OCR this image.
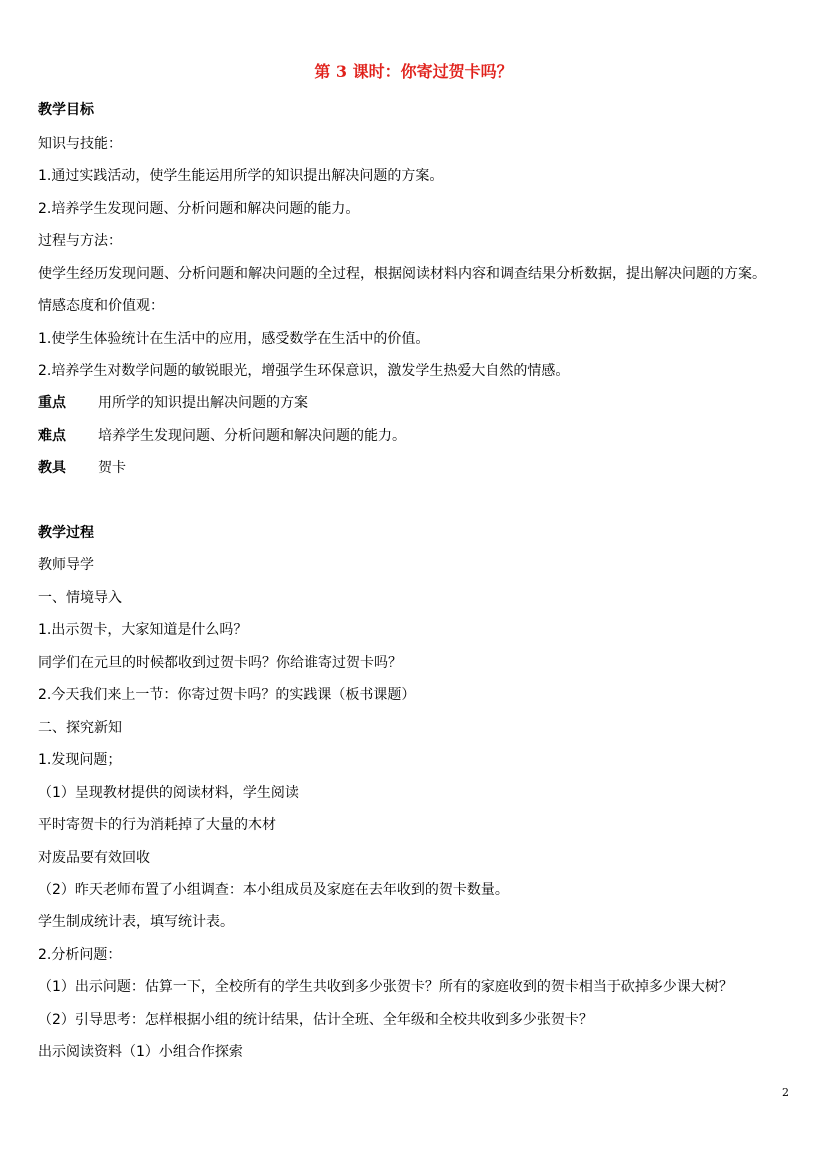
第 3 课时：你寄过贺卡吗？
教学目标
知识与技能：
1.通过实践活动，使学生能运用所学的知识提出解决问题的方案。
2.培养学生发现问题、分析问题和解决问题的能力。
过程与方法：
使学生经历发现问题、分析问题和解决问题的全过程，根据阅读材料内容和调查结果分析数据，提出解决问题的方案。
情感态度和价值观：
1.使学生体验统计在生活中的应用，感受数学在生活中的价值。
2.培养学生对数学问题的敏锐眼光，增强学生环保意识，激发学生热爱大自然的情感。
重点 用所学的知识提出解决问题的方案
难点 培养学生发现问题、分析问题和解决问题的能力。
教具 贺卡
教学过程
教师导学
一、情境导入
1.出示贺卡，大家知道是什么吗？
同学们在元旦的时候都收到过贺卡吗？你给谁寄过贺卡吗？
2.今天我们来上一节：你寄过贺卡吗？的实践课（板书课题）
二、探究新知
1.发现问题；
（1）呈现教材提供的阅读材料，学生阅读
平时寄贺卡的行为消耗掉了大量的木材
对废品要有效回收
（2）昨天老师布置了小组调查：本小组成员及家庭在去年收到的贺卡数量。
学生制成统计表，填写统计表。
2.分析问题：
（1）出示问题：估算一下，全校所有的学生共收到多少张贺卡？所有的家庭收到的贺卡相当于砍掉多少课大树？
（2）引导思考：怎样根据小组的统计结果，估计全班、全年级和全校共收到多少张贺卡？
出示阅读资料（1）小组合作探索
2
